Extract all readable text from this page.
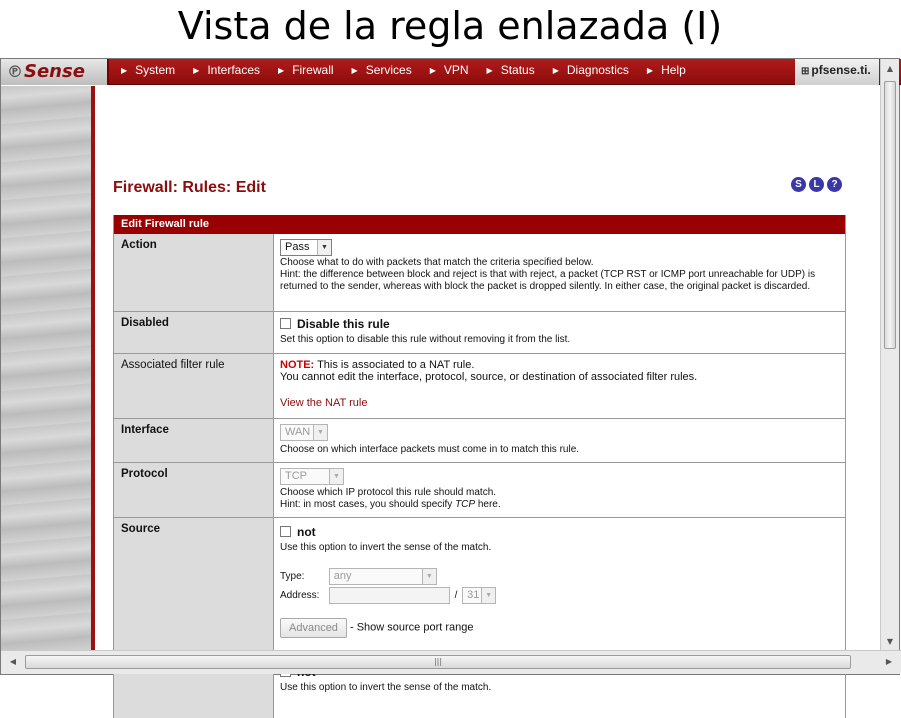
Vista de la regla enlazada (I)
℗Sense	▶ System	▶ Interfaces	▶ Firewall	▶ Services	▶ VPN	▶ Status	▶ Diagnostics	▶ Help	⊞ pfsense.ti.
Firewall: Rules: Edit	S	L	?
Edit Firewall rule
Action	Pass	▼
Choose what to do with packets that match the criteria specified below.
Hint: the difference between block and reject is that with reject, a packet (TCP RST or ICMP port unreachable for UDP) is returned to the sender, whereas with block the packet is dropped silently. In either case, the original packet is discarded.
Disabled	Disable this rule
Set this option to disable this rule without removing it from the list.
Associated filter rule	NOTE: This is associated to a NAT rule.
You cannot edit the interface, protocol, source, or destination of associated filter rules.
View the NAT rule
Interface	WAN ▼
Choose on which interface packets must come in to match this rule.
Protocol	TCP	▼
Choose which IP protocol this rule should match.
Hint: in most cases, you should specify TCP here.
Source	not
Use this option to invert the sense of the match.
Type:	any	▼
Address:	/ 31 ▼
Advanced - Show source port range
Use this option to invert the sense of the match.
▲
▼
◀	|||	▶
